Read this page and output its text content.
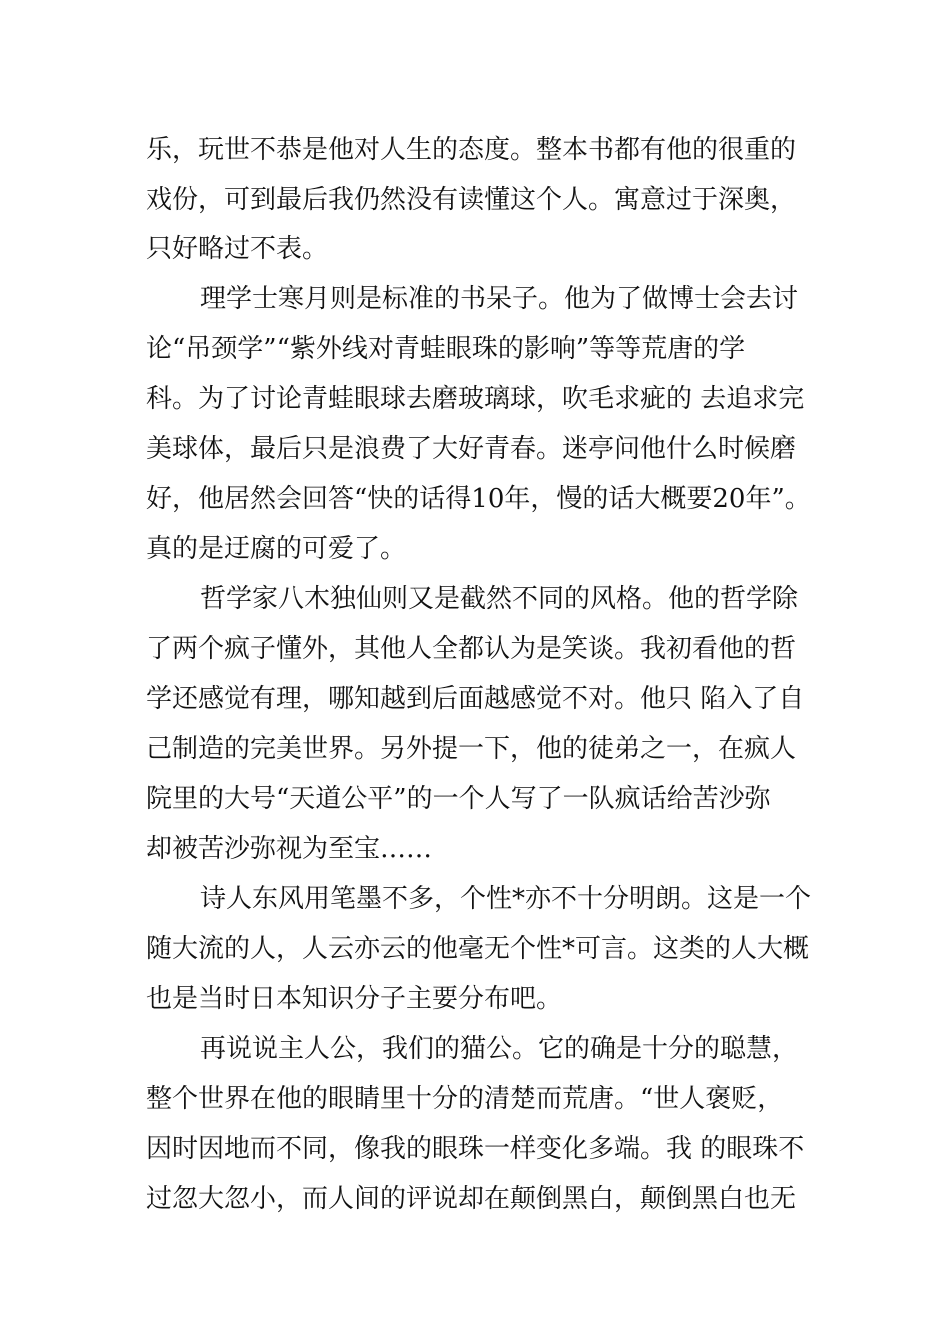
乐，玩世不恭是他对人生的态度。整本书都有他的很重的
戏份，可到最后我仍然没有读懂这个人。寓意过于深奥，
只好略过不表。
理学士寒月则是标准的书呆子。他为了做博士会去讨
论“吊颈学”“紫外线对青蛙眼珠的影响”等等荒唐的学
科。为了讨论青蛙眼球去磨玻璃球，吹毛求疵的 去追求完
美球体，最后只是浪费了大好青春。迷亭问他什么时候磨
好，他居然会回答“快的话得10年，慢的话大概要20年”。
真的是迂腐的可爱了。
哲学家八木独仙则又是截然不同的风格。他的哲学除
了两个疯子懂外，其他人全都认为是笑谈。我初看他的哲
学还感觉有理，哪知越到后面越感觉不对。他只 陷入了自
己制造的完美世界。另外提一下，他的徒弟之一，在疯人
院里的大号“天道公平”的一个人写了一队疯话给苦沙弥
却被苦沙弥视为至宝……
诗人东风用笔墨不多，个性*亦不十分明朗。这是一个
随大流的人，人云亦云的他毫无个性*可言。这类的人大概
也是当时日本知识分子主要分布吧。
再说说主人公，我们的猫公。它的确是十分的聪慧，
整个世界在他的眼睛里十分的清楚而荒唐。“世人褒贬，
因时因地而不同，像我的眼珠一样变化多端。我 的眼珠不
过忽大忽小，而人间的评说却在颠倒黑白，颠倒黑白也无
